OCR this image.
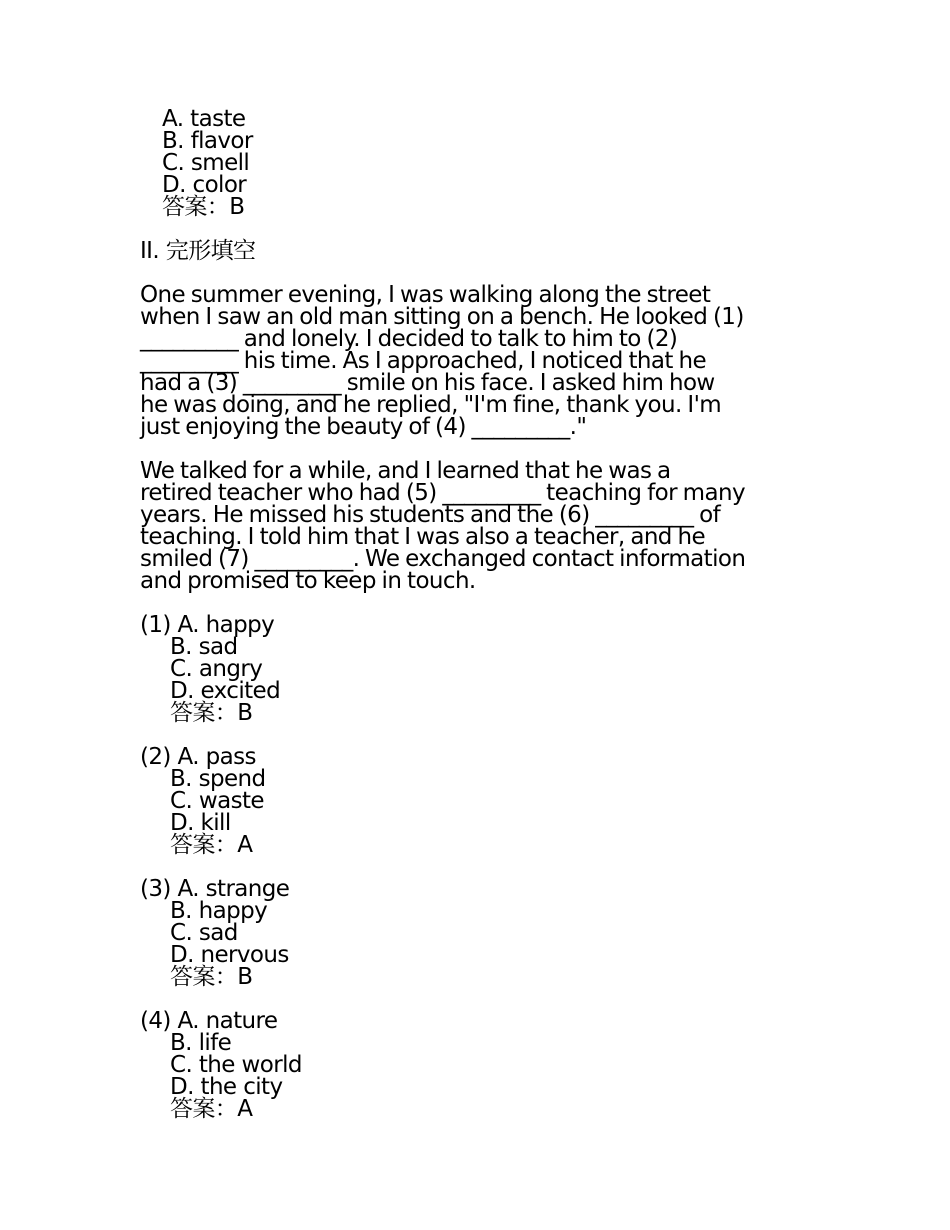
A. taste
B. flavor
C. smell
D. color
答案：B
II. 完形填空
One summer evening, I was walking along the street
when I saw an old man sitting on a bench. He looked (1)
_________ and lonely. I decided to talk to him to (2)
_________ his time. As I approached, I noticed that he
had a (3) _________ smile on his face. I asked him how
he was doing, and he replied, "I'm fine, thank you. I'm
just enjoying the beauty of (4) _________."
We talked for a while, and I learned that he was a
retired teacher who had (5) _________ teaching for many
years. He missed his students and the (6) _________ of
teaching. I told him that I was also a teacher, and he
smiled (7) _________. We exchanged contact information
and promised to keep in touch.
(1) A. happy
B. sad
C. angry
D. excited
答案：B
(2) A. pass
B. spend
C. waste
D. kill
答案：A
(3) A. strange
B. happy
C. sad
D. nervous
答案：B
(4) A. nature
B. life
C. the world
D. the city
答案：A
